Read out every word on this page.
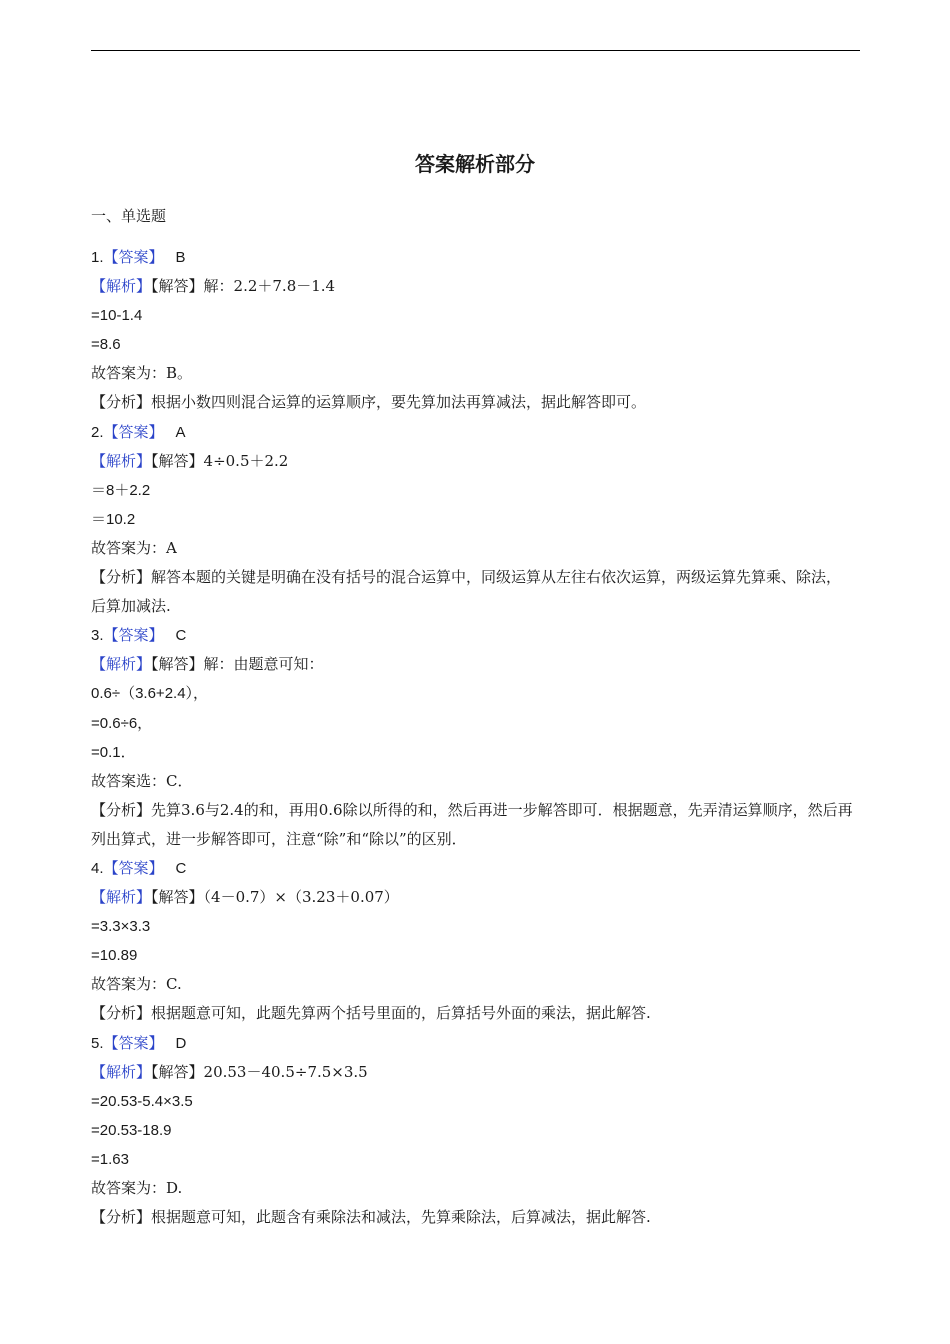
答案解析部分
一、单选题

1.【答案】 B

【解析】【解答】解：2.2＋7.8－1.4

=10-1.4

=8.6

故答案为：B。

【分析】根据小数四则混合运算的运算顺序，要先算加法再算减法，据此解答即可。

2.【答案】 A

【解析】【解答】4÷0.5＋2.2

＝8＋2.2

＝10.2

故答案为：A

【分析】解答本题的关键是明确在没有括号的混合运算中，同级运算从左往右依次运算，两级运算先算乘、除法，后算加减法.

3.【答案】 C

【解析】【解答】解：由题意可知：

0.6÷（3.6+2.4），

=0.6÷6，

=0.1．

故答案选：C．

【分析】先算3.6与2.4的和，再用0.6除以所得的和，然后再进一步解答即可．根据题意，先弄清运算顺序，然后再列出算式，进一步解答即可，注意“除”和“除以”的区别．

4.【答案】 C

【解析】【解答】（4－0.7）×（3.23＋0.07）

=3.3×3.3

=10.89

故答案为：C.

【分析】根据题意可知，此题先算两个括号里面的，后算括号外面的乘法，据此解答.

5.【答案】 D

【解析】【解答】20.53－40.5÷7.5×3.5

=20.53-5.4×3.5

=20.53-18.9

=1.63

故答案为：D.

【分析】根据题意可知，此题含有乘除法和减法，先算乘除法，后算减法，据此解答.
